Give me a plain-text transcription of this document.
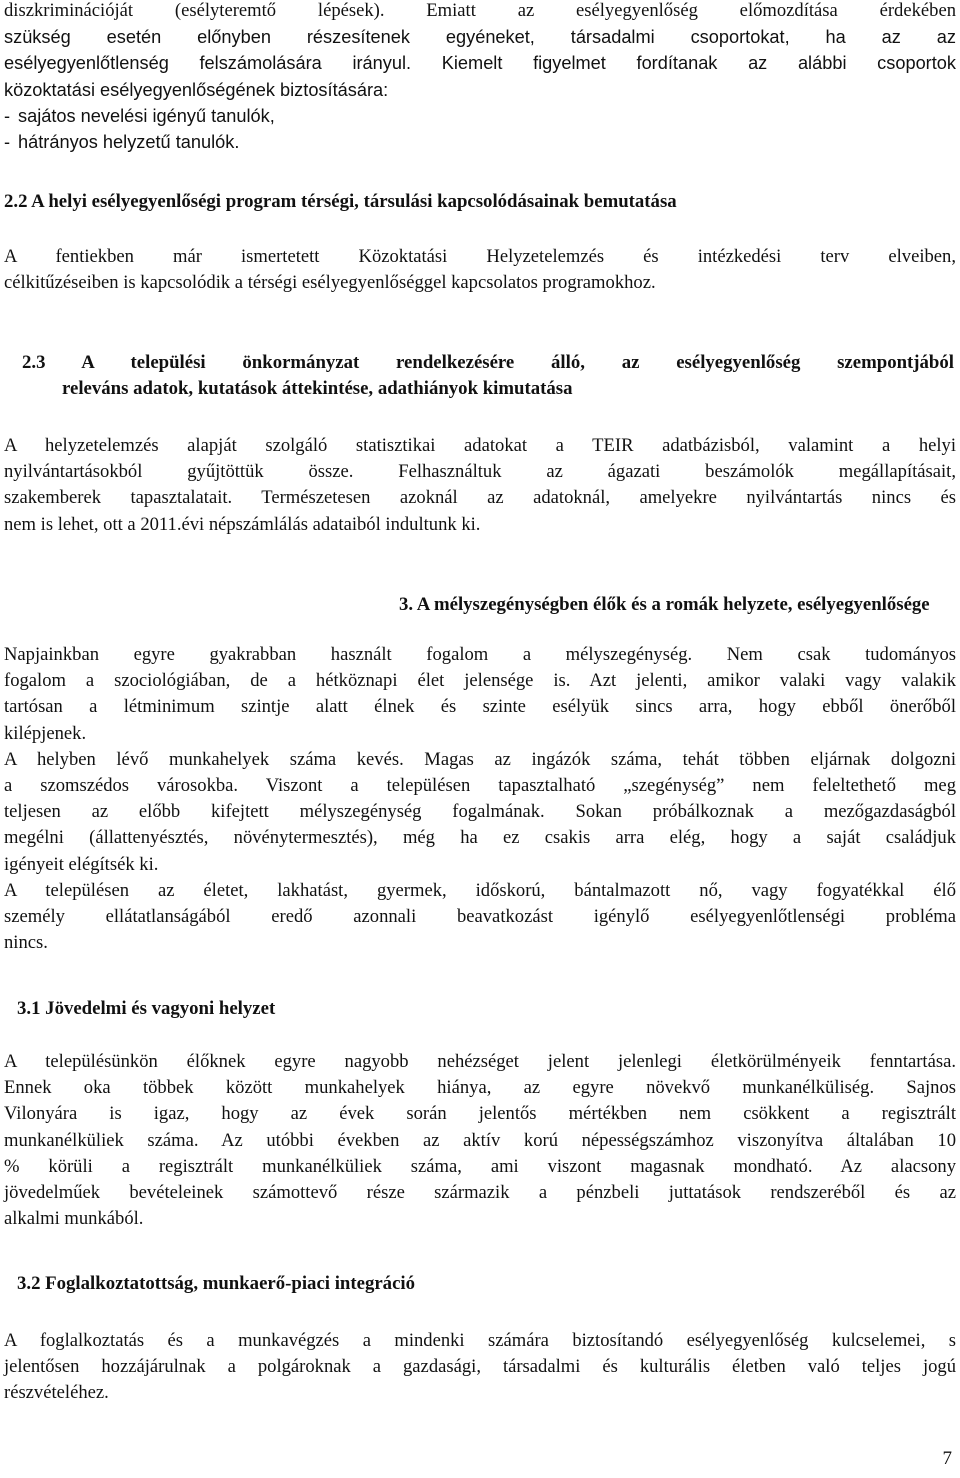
diszkriminációját (esélyteremtő lépések). Emiatt az esélyegyenlőség előmozdítása érdekében

szükség esetén előnyben részesítenek egyéneket, társadalmi csoportokat, ha az az
esélyegyenlőtlenség felszámolására irányul. Kiemelt figyelmet fordítanak az alábbi csoportok
közoktatási esélyegyenlőségének biztosítására:

- sajátos nevelési igényű tanulók,
- hátrányos helyzetű tanulók.

2.2 A helyi esélyegyenlőségi program térségi, társulási kapcsolódásainak bemutatása

A fentiekben már ismertetett Közoktatási Helyzetelemzés és intézkedési terv elveiben,
célkitűzéseiben is kapcsolódik a térségi esélyegyenlőséggel kapcsolatos programokhoz.

2.3 A települési önkormányzat rendelkezésére álló, az esélyegyenlőség szempontjából

releváns adatok, kutatások áttekintése, adathiányok kimutatása

A helyzetelemzés alapját szolgáló statisztikai adatokat a TEIR adatbázisból, valamint a helyi
nyilvántartásokból gyűjtöttük össze. Felhasználtuk az ágazati beszámolók megállapításait,
szakemberek tapasztalatait. Természetesen azoknál az adatoknál, amelyekre nyilvántartás nincs és
nem is lehet, ott a 2011.évi népszámlálás adataiból indultunk ki.

3. A mélyszegénységben élők és a romák helyzete, esélyegyenlősége

Napjainkban egyre gyakrabban használt fogalom a mélyszegénység. Nem csak tudományos
fogalom a szociológiában, de a hétköznapi élet jelensége is. Azt jelenti, amikor valaki vagy valakik
tartósan a létminimum szintje alatt élnek és szinte esélyük sincs arra, hogy ebből önerőből
kilépjenek.

A helyben lévő munkahelyek száma kevés. Magas az ingázók száma, tehát többen eljárnak dolgozni
a szomszédos városokba. Viszont a településen tapasztalható „szegénység” nem feleltethető meg
teljesen az előbb kifejtett mélyszegénység fogalmának. Sokan próbálkoznak a mezőgazdaságból
megélni (állattenyésztés, növénytermesztés), még ha ez csakis arra elég, hogy a saját családjuk
igényeit elégítsék ki.

A településen az életet, lakhatást, gyermek, időskorú, bántalmazott nő, vagy fogyatékkal élő
személy ellátatlanságából eredő azonnali beavatkozást igénylő esélyegyenlőtlenségi probléma
nincs.

3.1 Jövedelmi és vagyoni helyzet

A településünkön élőknek egyre nagyobb nehézséget jelent jelenlegi életkörülményeik fenntartása.
Ennek oka többek között munkahelyek hiánya, az egyre növekvő munkanélküliség. Sajnos
Vilonyára is igaz, hogy az évek során jelentős mértékben nem csökkent a regisztrált
munkanélküliek száma. Az utóbbi években az aktív korú népességszámhoz viszonyítva általában 10
% körüli a regisztrált munkanélküliek száma, ami viszont magasnak mondható. Az alacsony
jövedelműek bevételeinek számottevő része származik a pénzbeli juttatások rendszeréből és az
alkalmi munkából.

3.2 Foglalkoztatottság, munkaerő-piaci integráció

A foglalkoztatás és a munkavégzés a mindenki számára biztosítandó esélyegyenlőség kulcselemei, s
jelentősen hozzájárulnak a polgároknak a gazdasági, társadalmi és kulturális életben való teljes jogú
részvételéhez.

7
